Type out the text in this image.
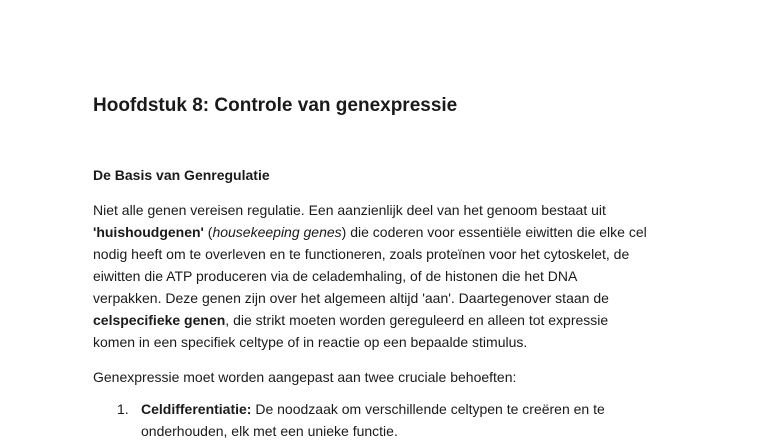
Hoofdstuk 8: Controle van genexpressie
De Basis van Genregulatie

Niet alle genen vereisen regulatie. Een aanzienlijk deel van het genoom bestaat uit
'huishoudgenen' (housekeeping genes) die coderen voor essentiële eiwitten die elke cel
nodig heeft om te overleven en te functioneren, zoals proteïnen voor het cytoskelet, de
eiwitten die ATP produceren via de celademhaling, of de histonen die het DNA
verpakken. Deze genen zijn over het algemeen altijd 'aan'. Daartegenover staan de
celspecifieke genen, die strikt moeten worden gereguleerd en alleen tot expressie
komen in een specifiek celtype of in reactie op een bepaalde stimulus.

Genexpressie moet worden aangepast aan twee cruciale behoeften:

1. Celdifferentiatie: De noodzaak om verschillende celtypen te creëren en te
onderhouden, elk met een unieke functie.
